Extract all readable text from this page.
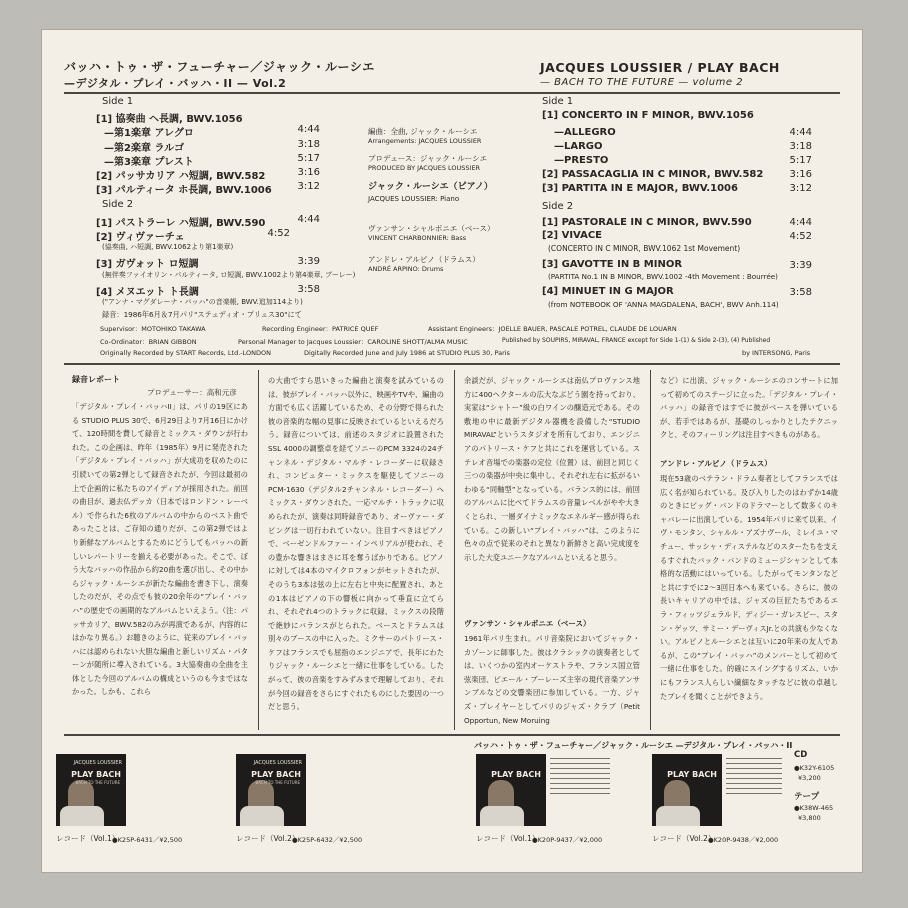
バッハ・トゥ・ザ・フューチャー／ジャック・ルーシエ
—デジタル・プレイ・バッハ・II — Vol.2
JACQUES LOUSSIER / PLAY BACH
— BACH TO THE FUTURE — volume 2
Side 1
[1] 協奏曲 ヘ長調, BWV.1056
—第1楽章 アレグロ	4:44
—第2楽章 ラルゴ	3:18
—第3楽章 プレスト	5:17
[2] パッサカリア ハ短調, BWV.582	3:16
[3] パルティータ ホ長調, BWV.1006	3:12
Side 2
[1] パストラーレ ハ短調, BWV.590	4:44
[2] ヴィヴァーチェ	4:52
(協奏曲, ハ短調, BWV.1062より第1楽章)
[3] ガヴォット ロ短調	3:39
(無伴奏ファイオリン・パルティータ, ロ短調, BWV.1002より第4楽章, ブーレー)
[4] メヌエット ト長調	3:58
("アンナ・マグダレーナ・バッハ"の音楽帳, BWV.追加114より)
録音：1986年6月＆7月パリ"ステュディオ・プリュス30"にて
編曲：全曲, ジャック・ルーシエ
Arrangements: JACQUES LOUSSIER
プロデュース：ジャック・ルーシエ
PRODUCED BY JACQUES LOUSSIER
ジャック・ルーシエ（ピアノ）
JACQUES LOUSSIER: Piano
ヴァンサン・シャルボニエ（ベース）
VINCENT CHARBONNIER: Bass
アンドレ・アルピノ（ドラムス）
ANDRÉ ARPINO: Drums
Side 1
[1] CONCERTO IN F MINOR, BWV.1056
—ALLEGRO	4:44
—LARGO	3:18
—PRESTO	5:17
[2] PASSACAGLIA IN C MINOR, BWV.582	3:16
[3] PARTITA IN E MAJOR, BWV.1006	3:12
Side 2
[1] PASTORALE IN C MINOR, BWV.590	4:44
[2] VIVACE	4:52
(CONCERTO IN C MINOR, BWV.1062 1st Movement)
[3] GAVOTTE IN B MINOR	3:39
(PARTITA No.1 IN B MINOR, BWV.1002 -4th Movement : Bourrée)
[4] MINUET IN G MAJOR	3:58
(from NOTEBOOK OF 'ANNA MAGDALENA, BACH', BWV Anh.114)
Supervisor：MOTOHIKO TAKAWA	Recording Engineer：PATRICE QUEF	Assistant Engineers：JOELLE BAUER, PASCALE POTREL, CLAUDE DE LOUARN
Co-Ordinator：BRIAN GIBBON	Personal Manager to Jacques Loussier：CAROLINE SHOTT/ALMA MUSIC	Published by SOUPIRS, MIRAVAL, FRANCE except for Side 1-(1) & Side 2-(3), (4) Published
Originally Recorded by START Records, Ltd.-LONDON	Digitally Recorded June and July 1986 at STUDIO PLUS 30, Paris	by INTERSONG, Paris
録音レポート
プロデューサー：高和元彦
「デジタル・プレイ・バッハII」は、パリの19区にある STUDIO PLUS 30で、6月29日より7月16日にかけて、120時間を費して録音とミックス・ダウンが行われた。この企画は、昨年（1985年）9月に発売された「デジタル・プレイ・バッハ」が大成功を収めたのに引続いての第2弾として録音されたが、今回は最初の上で企画的に私たちのアイディアが採用された。前回の曲目が、過去仏デッカ（日本ではロンドン・レーベル）で作られた6枚のアルバムの中からのベスト曲であったことは、ご存知の通りだが、この第2弾ではより新鮮なアルバムとするためにどうしてもバッハの新しいレパートリーを揃える必要があった。そこで、ぼう大なバッハの作品から約20曲を選び出し、その中からジャック・ルーシエが新たな編曲を書き下し、演奏したのだが、その点でも彼の20余年の“プレイ・バッハ”の歴史での画期的なアルバムといえよう。（注：パッサカリア、BWV.582のみが再演であるが、内容的にはかなり異る。）お聴きのように、従来のプレイ・バッハには認められない大胆な編曲と新しいリズム・パターンが随所に導入されている。3大協奏曲の全曲を主体とした今回のアルバムの構成というのも今まではなかった。しかも、これら
の大曲ですら思いきった編曲と演奏を試みているのは、彼がプレイ・バッハ以外に、映画やTVや、編曲の方面でも広く活躍しているため、その分野で得られた彼の音楽的な幅の見事に反映されているといえるだろう。録音については、前述のスタジオに設置されたSSL 4000の調整卓を経てソニーのPCM 3324の24チャンネル・デジタル・マルチ・レコーダーに収録され、コンピュター・ミックスを駆使してソニーのPCM-1630（デジタル2チャンネル・レコーダー）へミックス・ダウンされた。一応マルチ・トラックに収められたが、演奏は同時録音であり、オーヴァー・ダビングは一切行われていない。注目すべきはピアノで、ベーゼンドルファー・インペリアルが使われ、その豊かな響きはまさに耳を奪うばかりである。ピアノに対しては4本のマイクロフォンがセットされたが、そのうち3本は弦の上に左右と中央に配置され、あとの1本はピアノの下の響板に向かって垂直に立てられ、それぞれ4つのトラックに収録、ミックスの段階で絶妙にバランスがとられた。ベースとドラムスは別々のブースの中に入った。ミクサーのパトリース・ケフはフランスでも屈指のエンジニアで、長年にわたりジャック・ルーシエと一緒に仕事をしている。したがって、彼の音楽をすみずみまで理解しており、それが今回の録音をさらにすぐれたものにした要因の一つだと思う。
余談だが、ジャック・ルーシエは南仏プロヴァンス地方に400ヘクタールの広大なぶどう園を持っており、実家は“シャトー”級の白ワインの醸造元である。その敷地の中に最新デジタル器機を設備した“STUDIO MIRAVAL”というスタジオを所有しており、エンジニアのパトリース・ケフと共にこれを運営している。ステレオ音場での楽器の定位（位置）は、前回と同じく三つの楽器が中央に集中し、それぞれ左右に拡がるいわゆる“同軸型”となっている。バランス的には、前回のアルバムに比べてドラムスの音量レベルがやや大きくとられ、一層ダイナミックなエネルギー感が得られている。この新しい“プレイ・バッハ”は、このように色々の点で従来のそれと異なり新鮮さと高い完成度を示した大変ユニークなアルバムといえると思う。
ヴァンサン・シャルボニエ（ベース）
1961年パリ生まれ。パリ音楽院においてジャック・カゾーンに師事した。彼はクラシックの演奏者としては、いくつかの室内オーケストラや、フランス国立管弦楽団、ピエール・ブーレーズ主宰の現代音楽アンサンブルなどの交響楽団に参加している。一方、ジャズ・プレイヤーとしてパリのジャズ・クラブ（Petit Opportun, New Moruing
など）に出演、ジャック・ルーシエのコンサートに加って初めてのステージに立った。「デジタル・プレイ・バッハ」の録音ではすでに彼がベースを弾いているが、若手ではあるが、基礎のしっかりとしたテクニックと、そのフィーリングは注目すべきものがある。
アンドレ・アルピノ（ドラムス）
現在53歳のベテラン・ドラム奏者としてフランスでは広く名が知られている。及び入りしたのはわずか14歳のときにビッグ・バンドのドラマーとして数多くのキャバレーに出演している。1954年パリに来て以来、イヴ・モンタン、シャルル・アズナヴール、ミレイユ・マチュー、サッシャ・ディステルなどのスターたちを支えるすぐれたバック・バンドのミュージシャンとして本格的な活動にはいっている。したがってモンタンなどと共にすでに2～3回日本へも来ている。さらに、彼の長いキャリアの中では、ジャズの巨匠たちであるエラ・フィッツジェラルド、ディジー・ガレスピー、スタン・ゲッツ、サミー・デーヴィスJr.との共演も少なくない。アルピノとルーシエとは互いに20年来の友人であるが、この“プレイ・バッハ”のメンバーとして初めて一緒に仕事をした。的確にスイングするリズム、いかにもフランス人らしい繊細なタッチなどに彼の卓越したプレイを聞くことができよう。
バッハ・トゥ・ザ・フューチャー／ジャック・ルーシエ —デジタル・プレイ・バッハ・II
JACQUES LOUSSIER
PLAY BACH
BACH TO THE FUTURE
レコード（Vol.1）
●K25P-6431／¥2,500
JACQUES LOUSSIER
PLAY BACH
BACH TO THE FUTURE
レコード（Vol.2）
●K25P-6432／¥2,500
PLAY BACH
レコード（Vol.1）
●K20P-9437／¥2,000
PLAY BACH
レコード（Vol.2）
●K20P-9438／¥2,000
CD
●K32Y-6105
¥3,200
テープ
●K38W-465
¥3,800
